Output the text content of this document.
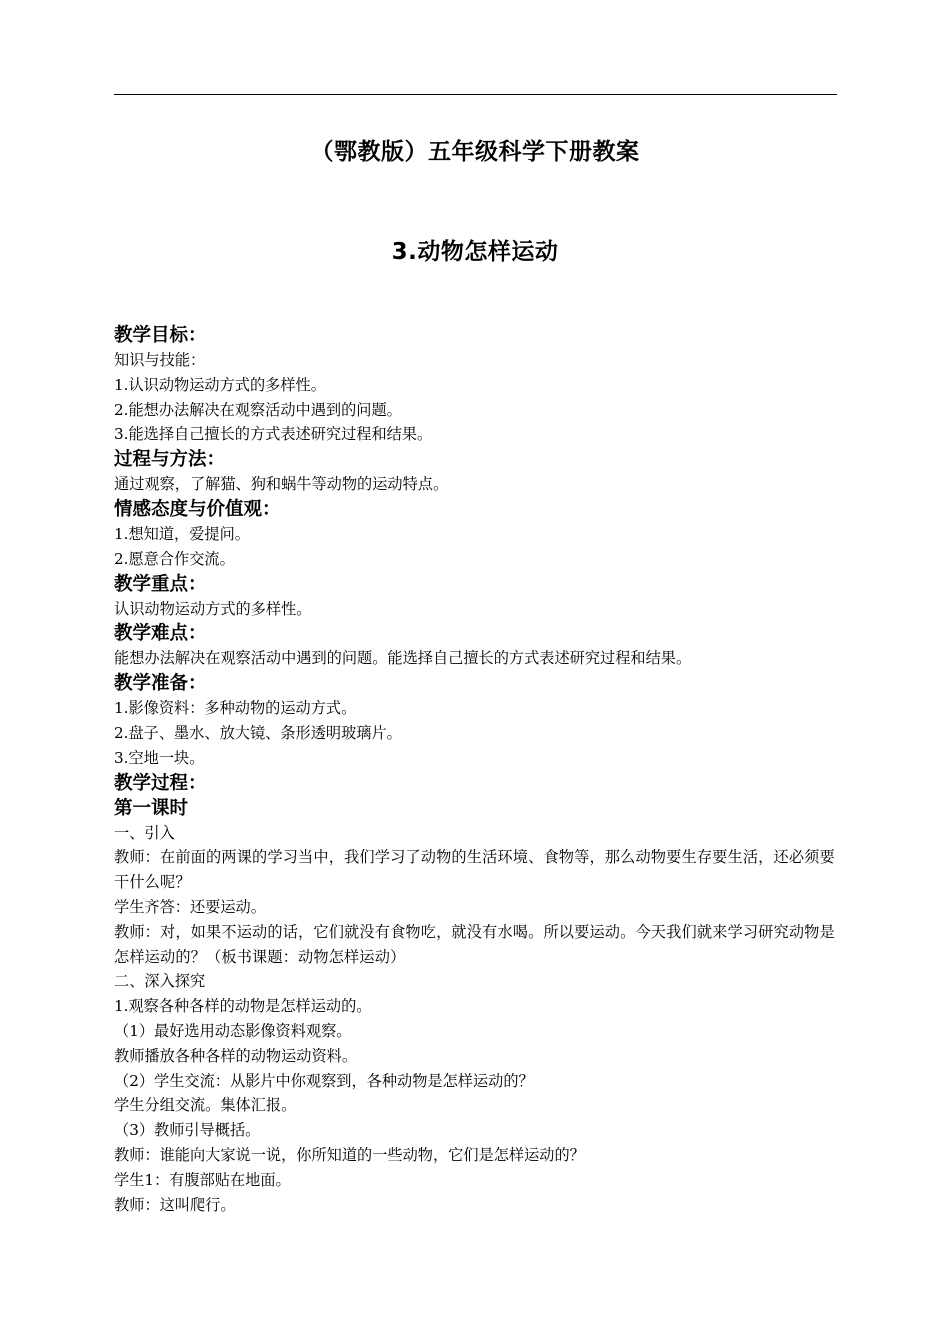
（鄂教版）五年级科学下册教案
3.动物怎样运动
教学目标：
知识与技能：
1.认识动物运动方式的多样性。
2.能想办法解决在观察活动中遇到的问题。
3.能选择自己擅长的方式表述研究过程和结果。
过程与方法：
通过观察，了解猫、狗和蜗牛等动物的运动特点。
情感态度与价值观：
1.想知道，爱提问。
2.愿意合作交流。
教学重点：
认识动物运动方式的多样性。
教学难点：
能想办法解决在观察活动中遇到的问题。能选择自己擅长的方式表述研究过程和结果。
教学准备：
1.影像资料：多种动物的运动方式。
2.盘子、墨水、放大镜、条形透明玻璃片。
3.空地一块。
教学过程：
第一课时
一、引入
教师：在前面的两课的学习当中，我们学习了动物的生活环境、食物等，那么动物要生存要生活，还必须要干什么呢？
学生齐答：还要运动。
教师：对，如果不运动的话，它们就没有食物吃，就没有水喝。所以要运动。今天我们就来学习研究动物是怎样运动的？（板书课题：动物怎样运动）
二、深入探究
1.观察各种各样的动物是怎样运动的。
（1）最好选用动态影像资料观察。
教师播放各种各样的动物运动资料。
（2）学生交流：从影片中你观察到，各种动物是怎样运动的？
学生分组交流。集体汇报。
（3）教师引导概括。
教师：谁能向大家说一说，你所知道的一些动物，它们是怎样运动的？
学生1：有腹部贴在地面。
教师：这叫爬行。
